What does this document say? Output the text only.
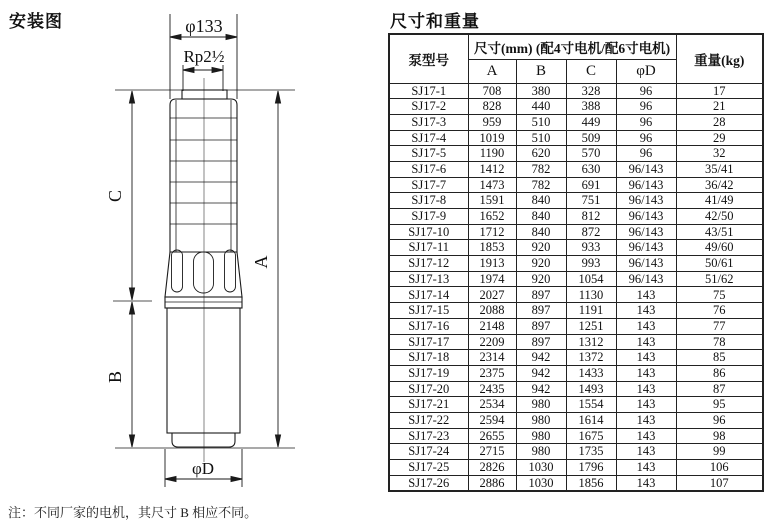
安装图	尺寸和重量
φ133
Rp2½
C
B
A
φD
泵型号	尺寸(mm) (配4寸电机/配6寸电机)				重量(kg)
	A	B	C	φD	
SJ17-1	708	380	328	96	17
SJ17-2	828	440	388	96	21
SJ17-3	959	510	449	96	28
SJ17-4	1019	510	509	96	29
SJ17-5	1190	620	570	96	32
SJ17-6	1412	782	630	96/143	35/41
SJ17-7	1473	782	691	96/143	36/42
SJ17-8	1591	840	751	96/143	41/49
SJ17-9	1652	840	812	96/143	42/50
SJ17-10	1712	840	872	96/143	43/51
SJ17-11	1853	920	933	96/143	49/60
SJ17-12	1913	920	993	96/143	50/61
SJ17-13	1974	920	1054	96/143	51/62
SJ17-14	2027	897	1130	143	75
SJ17-15	2088	897	1191	143	76
SJ17-16	2148	897	1251	143	77
SJ17-17	2209	897	1312	143	78
SJ17-18	2314	942	1372	143	85
SJ17-19	2375	942	1433	143	86
SJ17-20	2435	942	1493	143	87
SJ17-21	2534	980	1554	143	95
SJ17-22	2594	980	1614	143	96
SJ17-23	2655	980	1675	143	98
SJ17-24	2715	980	1735	143	99
SJ17-25	2826	1030	1796	143	106
SJ17-26	2886	1030	1856	143	107
注：不同厂家的电机，其尺寸 B 相应不同。
